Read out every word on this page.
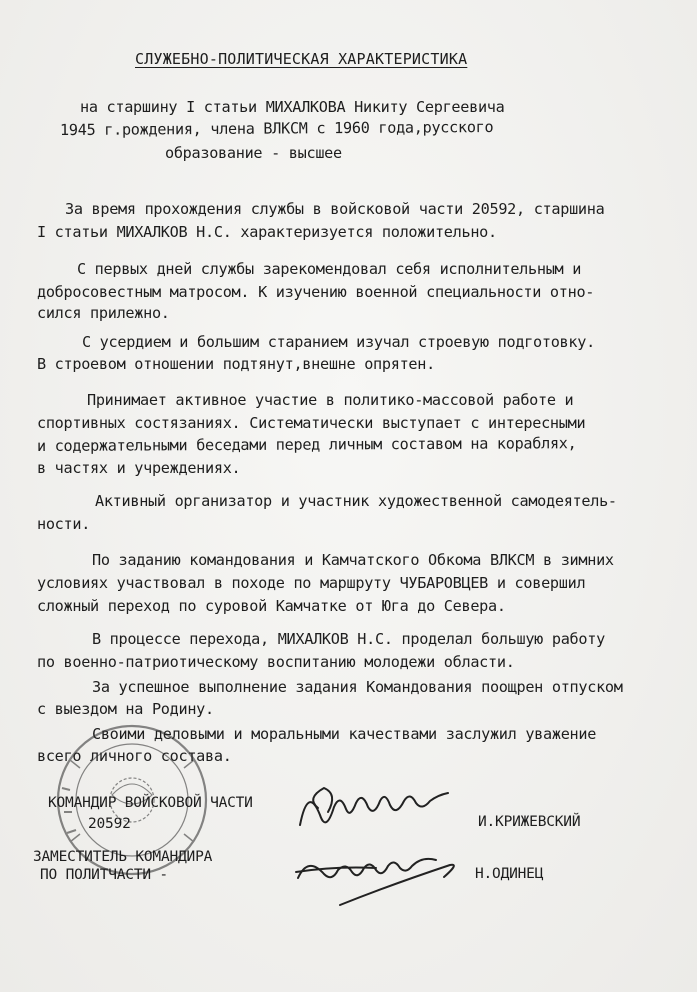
СЛУЖЕБНО-ПОЛИТИЧЕСКАЯ ХАРАКТЕРИСТИКА
на старшину I статьи МИХАЛКОВА Никиту Сергеевича
1945 г.рождения, члена ВЛКСМ с 1960 года,русского
образование - высшее
За время прохождения службы в войсковой части 20592, старшина
I статьи МИХАЛКОВ Н.С. характеризуется положительно.
С первых дней службы зарекомендовал себя исполнительным и
добросовестным матросом. К изучению военной специальности отно-
сился прилежно.
С усердием и большим старанием изучал строевую подготовку.
В строевом отношении подтянут,внешне опрятен.
Принимает активное участие в политико-массовой работе и
спортивных состязаниях. Систематически выступает с интересными
и содержательными беседами перед личным составом на кораблях,
в частях и учреждениях.
Активный организатор и участник художественной самодеятель-
ности.
По заданию командования и Камчатского Обкома ВЛКСМ в зимних
условиях участвовал в походе по маршруту ЧУБАРОВЦЕВ и совершил
сложный переход по суровой Камчатке от Юга до Севера.
В процессе перехода, МИХАЛКОВ Н.С. проделал большую работу
по военно-патриотическому воспитанию молодежи области.
За успешное выполнение задания Командования поощрен отпуском
с выездом на Родину.
Своими деловыми и моральными качествами заслужил уважение
всего личного состава.
КОМАНДИР ВОЙСКОВОЙ ЧАСТИ
20592	И.КРИЖЕВСКИЙ
ЗАМЕСТИТЕЛЬ КОМАНДИРА
ПО ПОЛИТЧАСТИ -	Н.ОДИНЕЦ
